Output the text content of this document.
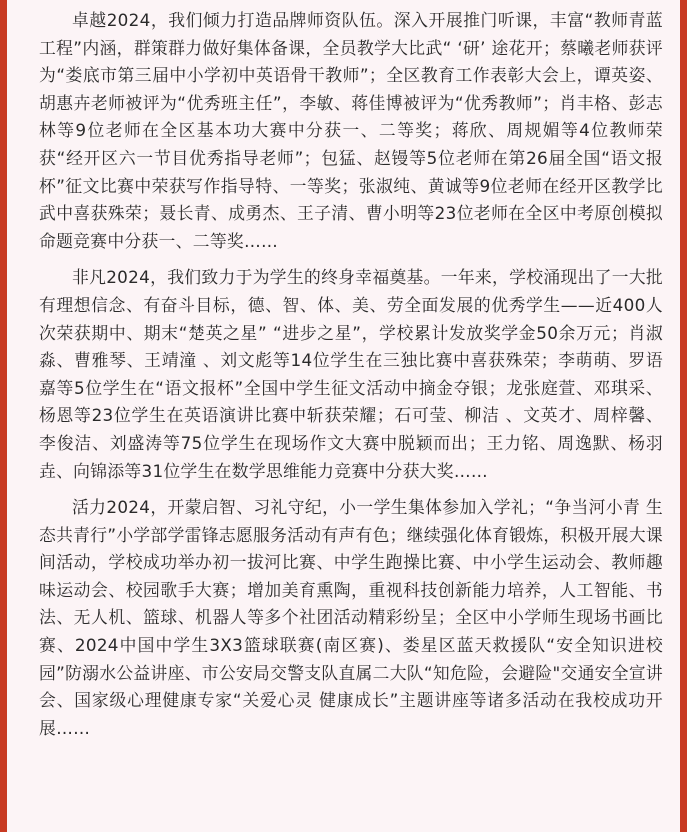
卓越2024，我们倾力打造品牌师资队伍。深入开展推门听课，丰富“教师青蓝工程”内涵，群策群力做好集体备课，全员教学大比武“ ‘研’ 途花开；蔡曦老师获评为“娄底市第三届中小学初中英语骨干教师”；全区教育工作表彰大会上，谭英姿、胡惠卉老师被评为“优秀班主任”，李敏、蒋佳博被评为“优秀教师”；肖丰格、彭志林等9位老师在全区基本功大赛中分获一、二等奖；蒋欣、周规媚等4位教师荣获“经开区六一节目优秀指导老师”；包猛、赵镘等5位老师在第26届全国“语文报杯”征文比赛中荣获写作指导特、一等奖；张淑纯、黄诚等9位老师在经开区教学比武中喜获殊荣；聂长青、成勇杰、王子清、曹小明等23位老师在全区中考原创模拟命题竞赛中分获一、二等奖……

非凡2024，我们致力于为学生的终身幸福奠基。一年来，学校涌现出了一大批有理想信念、有奋斗目标，德、智、体、美、劳全面发展的优秀学生——近400人次荣获期中、期末“楚英之星” “进步之星”，学校累计发放奖学金50余万元；肖淑淼、曹雅琴、王靖潼 、刘文彪等14位学生在三独比赛中喜获殊荣；李萌萌、罗语嘉等5位学生在“语文报杯”全国中学生征文活动中摘金夺银；龙张庭萱、邓琪采、杨恩等23位学生在英语演讲比赛中斩获荣耀；石可莹、柳洁 、文英才、周梓馨、李俊洁、刘盛涛等75位学生在现场作文大赛中脱颖而出；王力铭、周逸默、杨羽垚、向锦添等31位学生在数学思维能力竞赛中分获大奖……

活力2024，开蒙启智、习礼守纪，小一学生集体参加入学礼；“争当河小青 生态共青行”小学部学雷锋志愿服务活动有声有色；继续强化体育锻炼，积极开展大课间活动，学校成功举办初一拔河比赛、中学生跑操比赛、中小学生运动会、教师趣味运动会、校园歌手大赛；增加美育熏陶，重视科技创新能力培养，人工智能、书法、无人机、篮球、机器人等多个社团活动精彩纷呈；全区中小学师生现场书画比赛、2024中国中学生3X3篮球联赛(南区赛)、娄星区蓝天救援队“安全知识进校园”防溺水公益讲座、市公安局交警支队直属二大队“知危险，会避险"交通安全宣讲会、国家级心理健康专家“关爱心灵 健康成长”主题讲座等诸多活动在我校成功开展……
